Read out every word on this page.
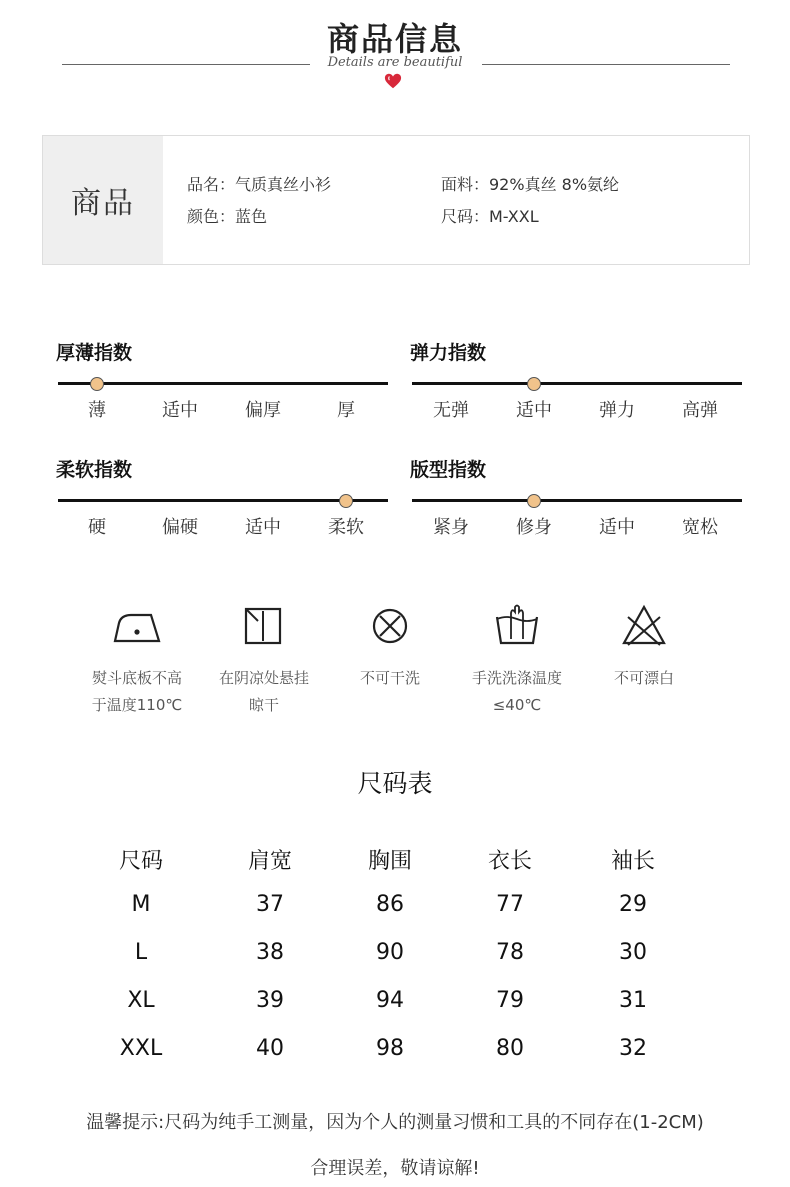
商品信息
Details are beautiful
商品
品名：气质真丝小衫	面料：92%真丝 8%氨纶
颜色：蓝色	尺码：M-XXL
厚薄指数
薄	适中	偏厚	厚
弹力指数
无弹	适中	弹力	高弹
柔软指数
硬	偏硬	适中	柔软
版型指数
紧身	修身	适中	宽松
熨斗底板不高
于温度110℃
在阴凉处悬挂
晾干
不可干洗	手洗洗涤温度
≤40℃
不可漂白
尺码表
尺码	肩宽	胸围	衣长	袖长
M	37	86	77	29
L	38	90	78	30
XL	39	94	79	31
XXL	40	98	80	32
温馨提示:尺码为纯手工测量，因为个人的测量习惯和工具的不同存在(1-2CM)
合理误差，敬请谅解!
